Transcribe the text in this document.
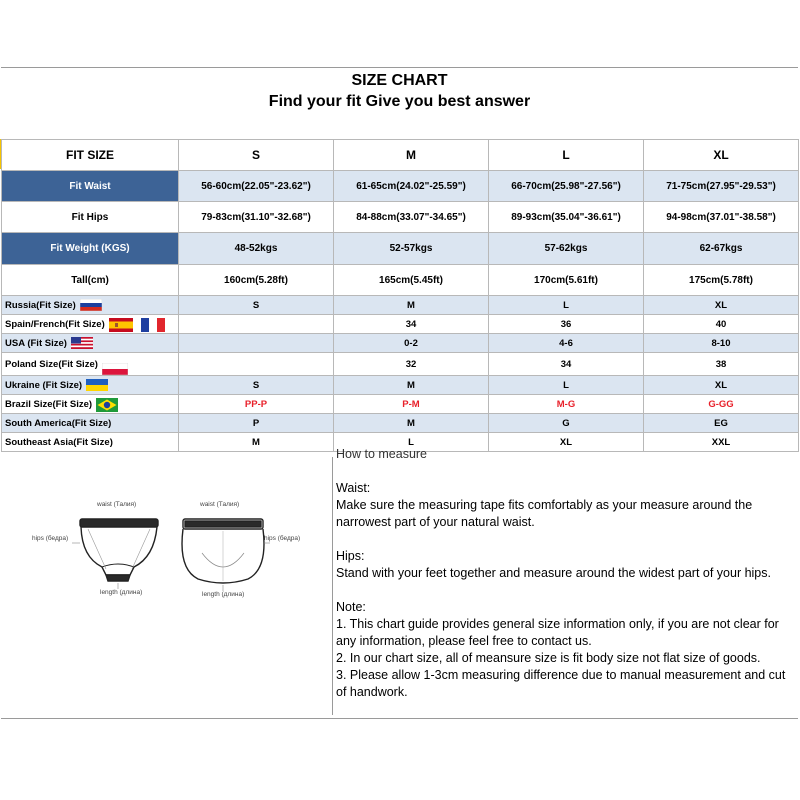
SIZE CHART
Find your fit Give you best answer
FIT SIZE	S	M	L	XL
Fit Waist	56-60cm(22.05"-23.62")	61-65cm(24.02"-25.59")	66-70cm(25.98"-27.56")	71-75cm(27.95"-29.53")
Fit Hips	79-83cm(31.10"-32.68")	84-88cm(33.07"-34.65")	89-93cm(35.04"-36.61")	94-98cm(37.01"-38.58")
Fit Weight (KGS)	48-52kgs	52-57kgs	57-62kgs	62-67kgs
Tall(cm)	160cm(5.28ft)	165cm(5.45ft)	170cm(5.61ft)	175cm(5.78ft)

Russia(Fit Size)	S	M	L	XL

Spain/French(Fit Size)		34	36	40

USA (Fit Size)		0-2	4-6	8-10

Poland Size(Fit Size)		32	34	38

Ukraine (Fit Size)	S	M	L	XL

Brazil Size(Fit Size)	PP-P	P-M	M-G	G-GG

South America(Fit Size)	P	M	G	EG

Southeast Asia(Fit Size)	M	L	XL	XXL
waist (Талия)	waist (Талия)
hips (бедра)	hips (бедра)
length (длина)	length (длина)

How to measure

Waist:

Make sure the measuring tape fits comfortably as your measure around the narrowest part of your natural waist.

Hips:

Stand with your feet together and measure around the widest part of your hips.

Note:

1. This chart guide provides general size information only, if you are not clear for any information, please feel free to contact us.

2. In our chart size, all of meansure size is fit body size not flat size of goods.

3. Please allow 1-3cm measuring difference due to manual measurement and cut of handwork.
